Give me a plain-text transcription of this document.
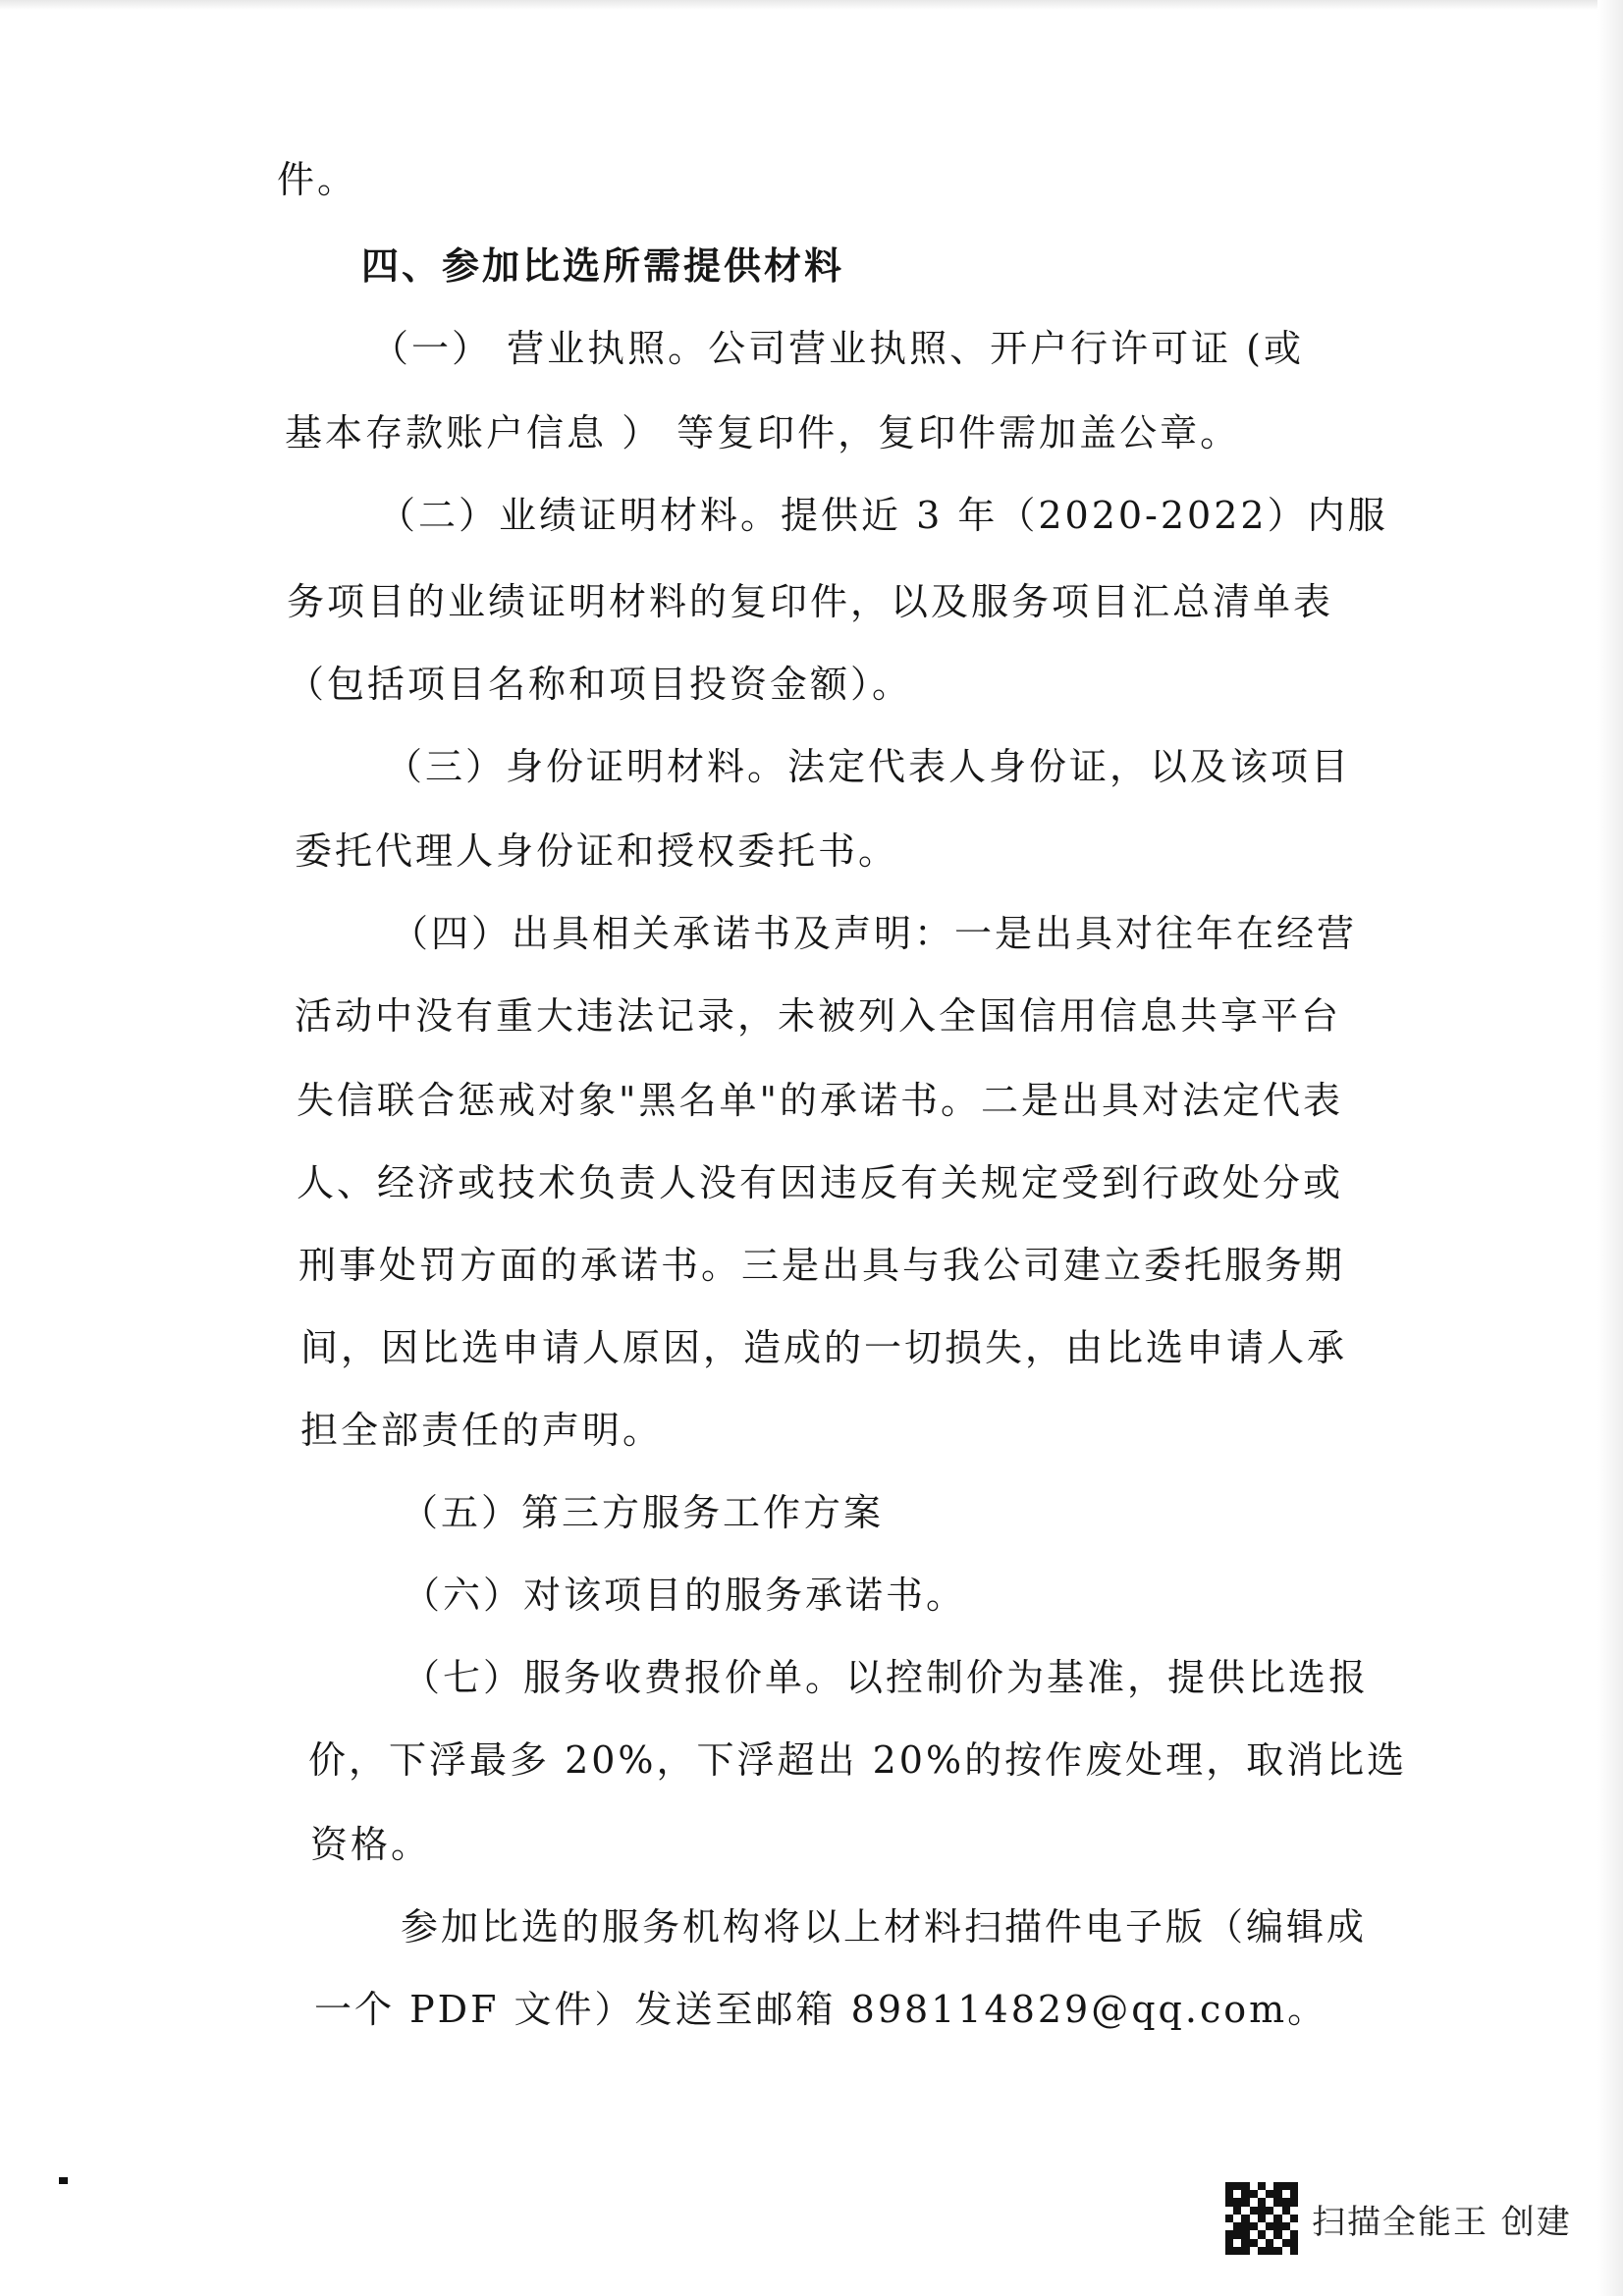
件。
四、参加比选所需提供材料
（一） 营业执照。公司营业执照、开户行许可证 (或
基本存款账户信息 ） 等复印件，复印件需加盖公章。
（二）业绩证明材料。提供近 3 年（2020-2022）内服
务项目的业绩证明材料的复印件，以及服务项目汇总清单表
（包括项目名称和项目投资金额）。
（三）身份证明材料。法定代表人身份证，以及该项目
委托代理人身份证和授权委托书。
（四）出具相关承诺书及声明：一是出具对往年在经营
活动中没有重大违法记录，未被列入全国信用信息共享平台
失信联合惩戒对象"黑名单"的承诺书。二是出具对法定代表
人、经济或技术负责人没有因违反有关规定受到行政处分或
刑事处罚方面的承诺书。三是出具与我公司建立委托服务期
间，因比选申请人原因，造成的一切损失，由比选申请人承
担全部责任的声明。
（五）第三方服务工作方案
（六）对该项目的服务承诺书。
（七）服务收费报价单。以控制价为基准，提供比选报
价，下浮最多 20%，下浮超出 20%的按作废处理，取消比选
资格。
参加比选的服务机构将以上材料扫描件电子版（编辑成
一个 PDF 文件）发送至邮箱 898114829@qq.com。
扫描全能王 创建
